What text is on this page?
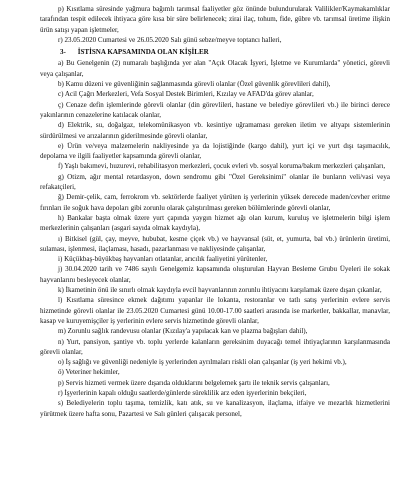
p) Kısıtlama süresinde yağmura bağımlı tarımsal faaliyetler göz önünde bulundurularak Valilikler/Kaymakamlıklar tarafından tespit edilecek ihtiyaca göre kısa bir süre belirlenecek; zirai ilaç, tohum, fide, gübre vb. tarımsal üretime ilişkin ürün satışı yapan işletmeler,

r) 23.05.2020 Cumartesi ve 26.05.2020 Salı günü sebze/meyve toptancı halleri,

3- İSTİSNA KAPSAMINDA OLAN KİŞİLER

a) Bu Genelgenin (2) numaralı başlığında yer alan "Açık Olacak İşyeri, İşletme ve Kurumlarda" yönetici, görevli veya çalışanlar,

b) Kamu düzeni ve güvenliğinin sağlanmasında görevli olanlar (Özel güvenlik görevlileri dahil),

c) Acil Çağrı Merkezleri, Vefa Sosyal Destek Birimleri, Kızılay ve AFAD'da görev alanlar,

ç) Cenaze defin işlemlerinde görevli olanlar (din görevlileri, hastane ve belediye görevlileri vb.) ile birinci derece yakınlarının cenazelerine katılacak olanlar,

d) Elektrik, su, doğalgaz, telekomünikasyon vb. kesintiye uğramaması gereken iletim ve altyapı sistemlerinin sürdürülmesi ve arızalarının giderilmesinde görevli olanlar,

e) Ürün ve/veya malzemelerin nakliyesinde ya da lojistiğinde (kargo dahil), yurt içi ve yurt dışı taşımacılık, depolama ve ilgili faaliyetler kapsamında görevli olanlar,

f) Yaşlı bakımevi, huzurevi, rehabilitasyon merkezleri, çocuk evleri vb. sosyal koruma/bakım merkezleri çalışanları,

g) Otizm, ağır mental retardasyon, down sendromu gibi "Özel Gereksinimi" olanlar ile bunların veli/vasi veya refakatçileri,

ğ) Demir-çelik, cam, ferrokrom vb. sektörlerde faaliyet yürüten iş yerlerinin yüksek derecede maden/cevher eritme fırınları ile soğuk hava depoları gibi zorunlu olarak çalıştırılması gereken bölümlerinde görevli olanlar,

h) Bankalar başta olmak üzere yurt çapında yaygın hizmet ağı olan kurum, kuruluş ve işletmelerin bilgi işlem merkezlerinin çalışanları (asgari sayıda olmak kaydıyla),

ı) Bitkisel (gül, çay, meyve, hububat, kesme çiçek vb.) ve hayvansal (süt, et, yumurta, bal vb.) ürünlerin üretimi, sulaması, işlenmesi, ilaçlaması, hasadı, pazarlanması ve nakliyesinde çalışanlar,

i) Küçükbaş-büyükbaş hayvanları otlatanlar, arıcılık faaliyetini yürütenler,

j) 30.04.2020 tarih ve 7486 sayılı Genelgemiz kapsamında oluşturulan Hayvan Besleme Grubu Üyeleri ile sokak hayvanlarını besleyecek olanlar,

k) İkametinin önü ile sınırlı olmak kaydıyla evcil hayvanlarının zorunlu ihtiyacını karşılamak üzere dışarı çıkanlar,

l) Kısıtlama süresince ekmek dağıtımı yapanlar ile lokanta, restoranlar ve tatlı satış yerlerinin evlere servis hizmetinde görevli olanlar ile 23.05.2020 Cumartesi günü 10.00-17.00 saatleri arasında ise marketler, bakkallar, manavlar, kasap ve kuruyemişçiler iş yerlerinin evlere servis hizmetinde görevli olanlar,

m) Zorunlu sağlık randevusu olanlar (Kızılay'a yapılacak kan ve plazma bağışları dahil),

n) Yurt, pansiyon, şantiye vb. toplu yerlerde kalanların gereksinim duyacağı temel ihtiyaçlarının karşılanmasında görevli olanlar,

o) İş sağlığı ve güvenliği nedeniyle iş yerlerinden ayrılmaları riskli olan çalışanlar (iş yeri hekimi vb.),

ö) Veteriner hekimler,

p) Servis hizmeti vermek üzere dışarıda olduklarını belgelemek şartı ile teknik servis çalışanları,

r) İşyerlerinin kapalı olduğu saatlerde/günlerde süreklilik arz eden işyerlerinin bekçileri,

s) Belediyelerin toplu taşıma, temizlik, katı atık, su ve kanalizasyon, ilaçlama, itfaiye ve mezarlık hizmetlerini yürütmek üzere hafta sonu, Pazartesi ve Salı günleri çalışacak personel,
